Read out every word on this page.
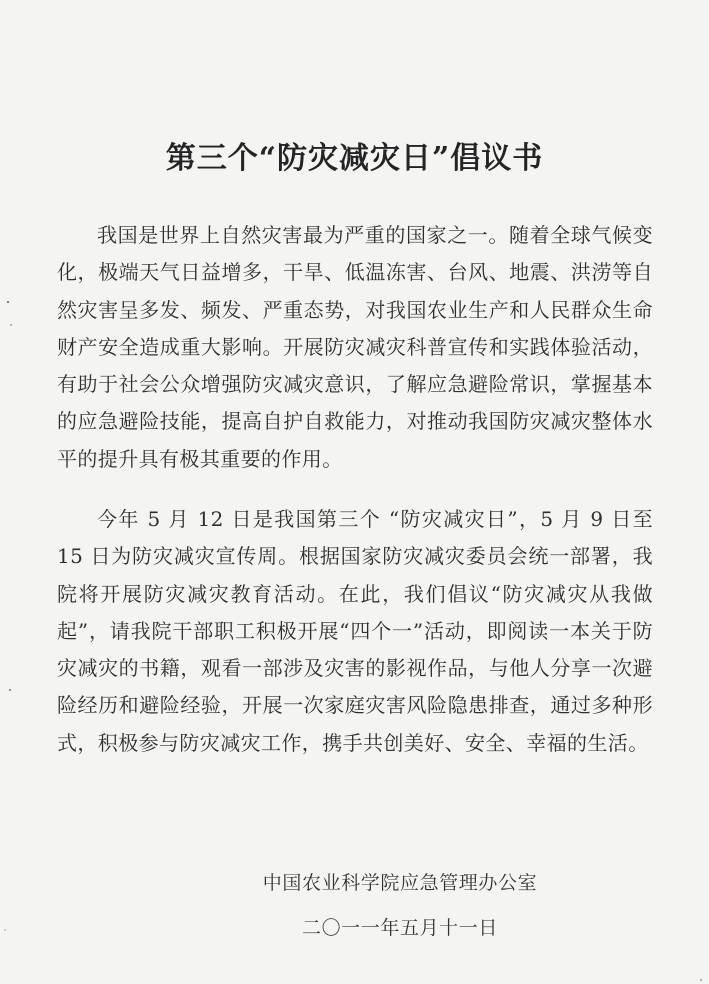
第三个“防灾减灾日”倡议书
我国是世界上自然灾害最为严重的国家之一。随着全球气候变化，极端天气日益增多，干旱、低温冻害、台风、地震、洪涝等自然灾害呈多发、频发、严重态势，对我国农业生产和人民群众生命财产安全造成重大影响。开展防灾减灾科普宣传和实践体验活动，有助于社会公众增强防灾减灾意识，了解应急避险常识，掌握基本的应急避险技能，提高自护自救能力，对推动我国防灾减灾整体水平的提升具有极其重要的作用。
今年 5 月 12 日是我国第三个 “防灾减灾日”，5 月 9 日至 15 日为防灾减灾宣传周。根据国家防灾减灾委员会统一部署，我院将开展防灾减灾教育活动。在此，我们倡议“防灾减灾从我做起”，请我院干部职工积极开展“四个一”活动，即阅读一本关于防灾减灾的书籍，观看一部涉及灾害的影视作品，与他人分享一次避险经历和避险经验，开展一次家庭灾害风险隐患排查，通过多种形式，积极参与防灾减灾工作，携手共创美好、安全、幸福的生活。
中国农业科学院应急管理办公室
二〇一一年五月十一日
